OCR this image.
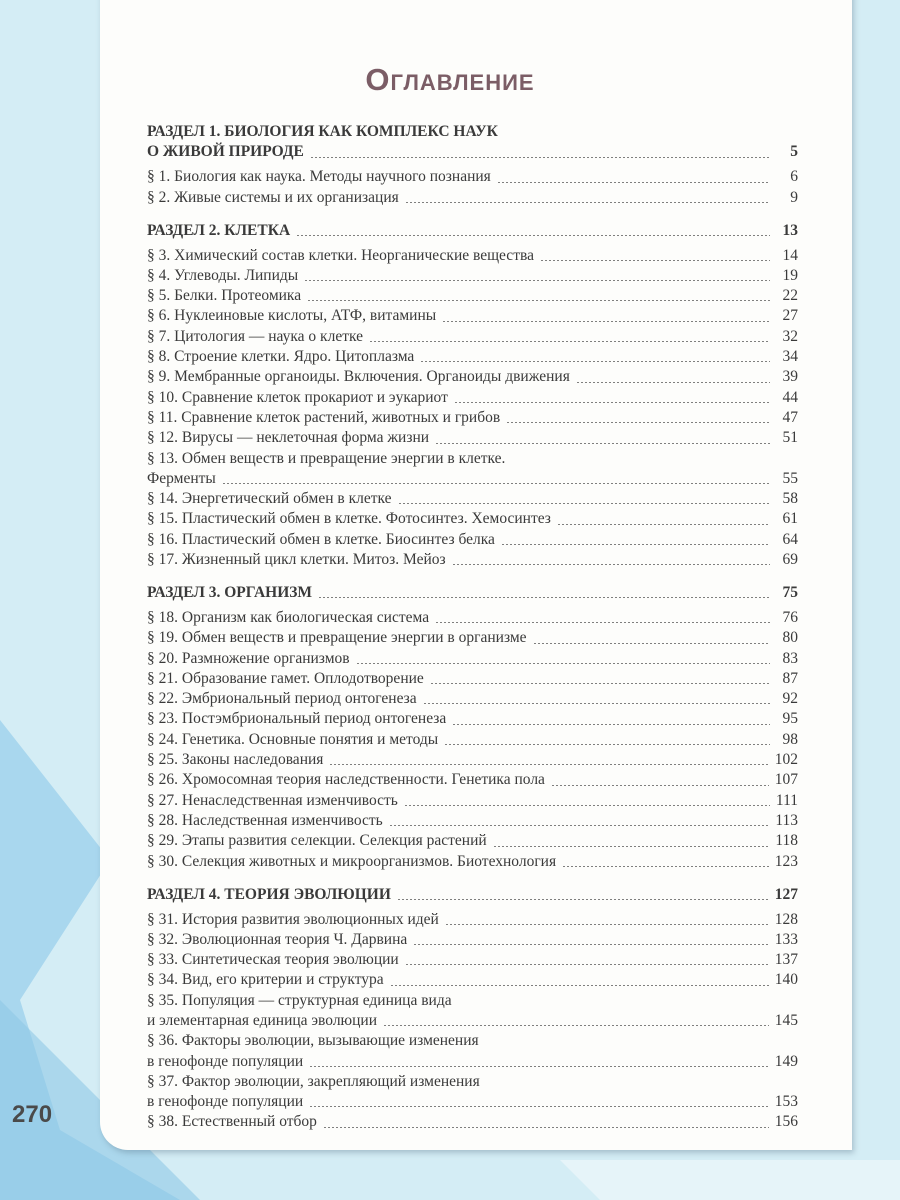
Оглавление
РАЗДЕЛ 1. БИОЛОГИЯ КАК КОМПЛЕКС НАУК
О ЖИВОЙ ПРИРОДЕ	5
§ 1. Биология как наука. Методы научного познания	6
§ 2. Живые системы и их организация	9
РАЗДЕЛ 2. КЛЕТКА	13
§ 3. Химический состав клетки. Неорганические вещества	14
§ 4. Углеводы. Липиды	19
§ 5. Белки. Протеомика	22
§ 6. Нуклеиновые кислоты, АТФ, витамины	27
§ 7. Цитология — наука о клетке	32
§ 8. Строение клетки. Ядро. Цитоплазма	34
§ 9. Мембранные органоиды. Включения. Органоиды движения	39
§ 10. Сравнение клеток прокариот и эукариот	44
§ 11. Сравнение клеток растений, животных и грибов	47
§ 12. Вирусы — неклеточная форма жизни	51
§ 13. Обмен веществ и превращение энергии в клетке.
Ферменты	55
§ 14. Энергетический обмен в клетке	58
§ 15. Пластический обмен в клетке. Фотосинтез. Хемосинтез	61
§ 16. Пластический обмен в клетке. Биосинтез белка	64
§ 17. Жизненный цикл клетки. Митоз. Мейоз	69
РАЗДЕЛ 3. ОРГАНИЗМ	75
§ 18. Организм как биологическая система	76
§ 19. Обмен веществ и превращение энергии в организме	80
§ 20. Размножение организмов	83
§ 21. Образование гамет. Оплодотворение	87
§ 22. Эмбриональный период онтогенеза	92
§ 23. Постэмбриональный период онтогенеза	95
§ 24. Генетика. Основные понятия и методы	98
§ 25. Законы наследования	102
§ 26. Хромосомная теория наследственности. Генетика пола	107
§ 27. Ненаследственная изменчивость	111
§ 28. Наследственная изменчивость	113
§ 29. Этапы развития селекции. Селекция растений	118
§ 30. Селекция животных и микроорганизмов. Биотехнология	123
РАЗДЕЛ 4. ТЕОРИЯ ЭВОЛЮЦИИ	127
§ 31. История развития эволюционных идей	128
§ 32. Эволюционная теория Ч. Дарвина	133
§ 33. Синтетическая теория эволюции	137
§ 34. Вид, его критерии и структура	140
§ 35. Популяция — структурная единица вида
и элементарная единица эволюции	145
§ 36. Факторы эволюции, вызывающие изменения
в генофонде популяции	149
§ 37. Фактор эволюции, закрепляющий изменения
в генофонде популяции	153
§ 38. Естественный отбор	156
270
